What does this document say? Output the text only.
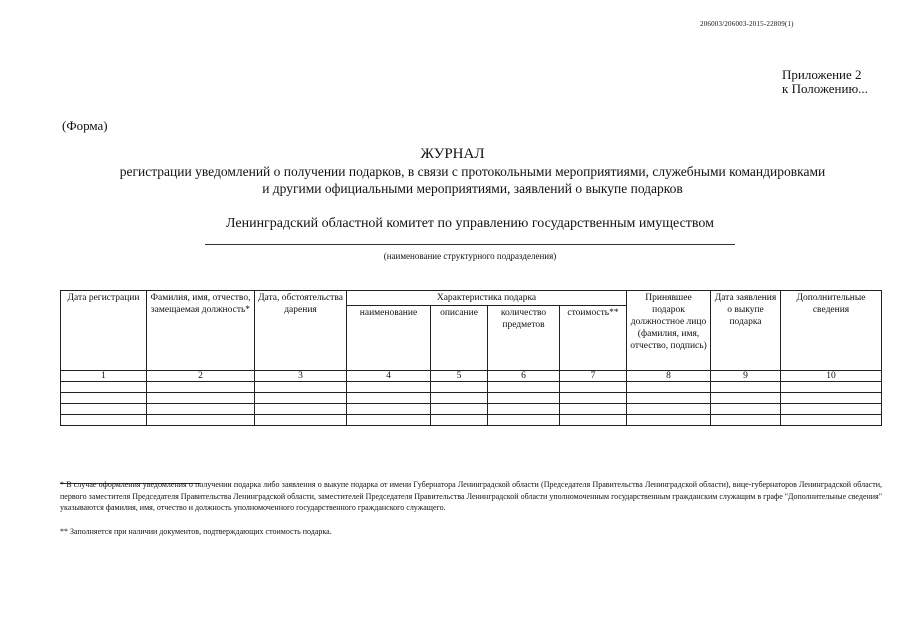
206003/206003-2015-22809(1)
Приложение 2
к Положению...
(Форма)
ЖУРНАЛ
регистрации уведомлений о получении подарков, в связи с протокольными мероприятиями, служебными командировками
и другими официальными мероприятиями, заявлений о выкупе подарков
Ленинградский областной комитет по управлению государственным имуществом
(наименование структурного подразделения)
Дата регистрации	Фамилия, имя, отчество, замещаемая должность*	Дата, обстоятельства дарения	Характеристика подарка				Принявшее подарок должностное лицо (фамилия, имя, отчество, подпись)	Дата заявления о выкупе подарка	Дополнительные сведения
			наименование	описание	количество предметов	стоимость**			
1	2	3	4	5	6	7	8	9	10

* В случае оформления уведомления о получении подарка либо заявления о выкупе подарка от имени Губернатора Ленинградской области (Председателя Правительства Ленинградской области), вице-губернаторов Ленинградской области, первого заместителя Председателя Правительства Ленинградской области, заместителей Председателя Правительства Ленинградской области уполномоченным государственным гражданским служащим в графе "Дополнительные сведения" указываются фамилия, имя, отчество и должность уполномоченного государственного гражданского служащего.
** Заполняется при наличии документов, подтверждающих стоимость подарка.
